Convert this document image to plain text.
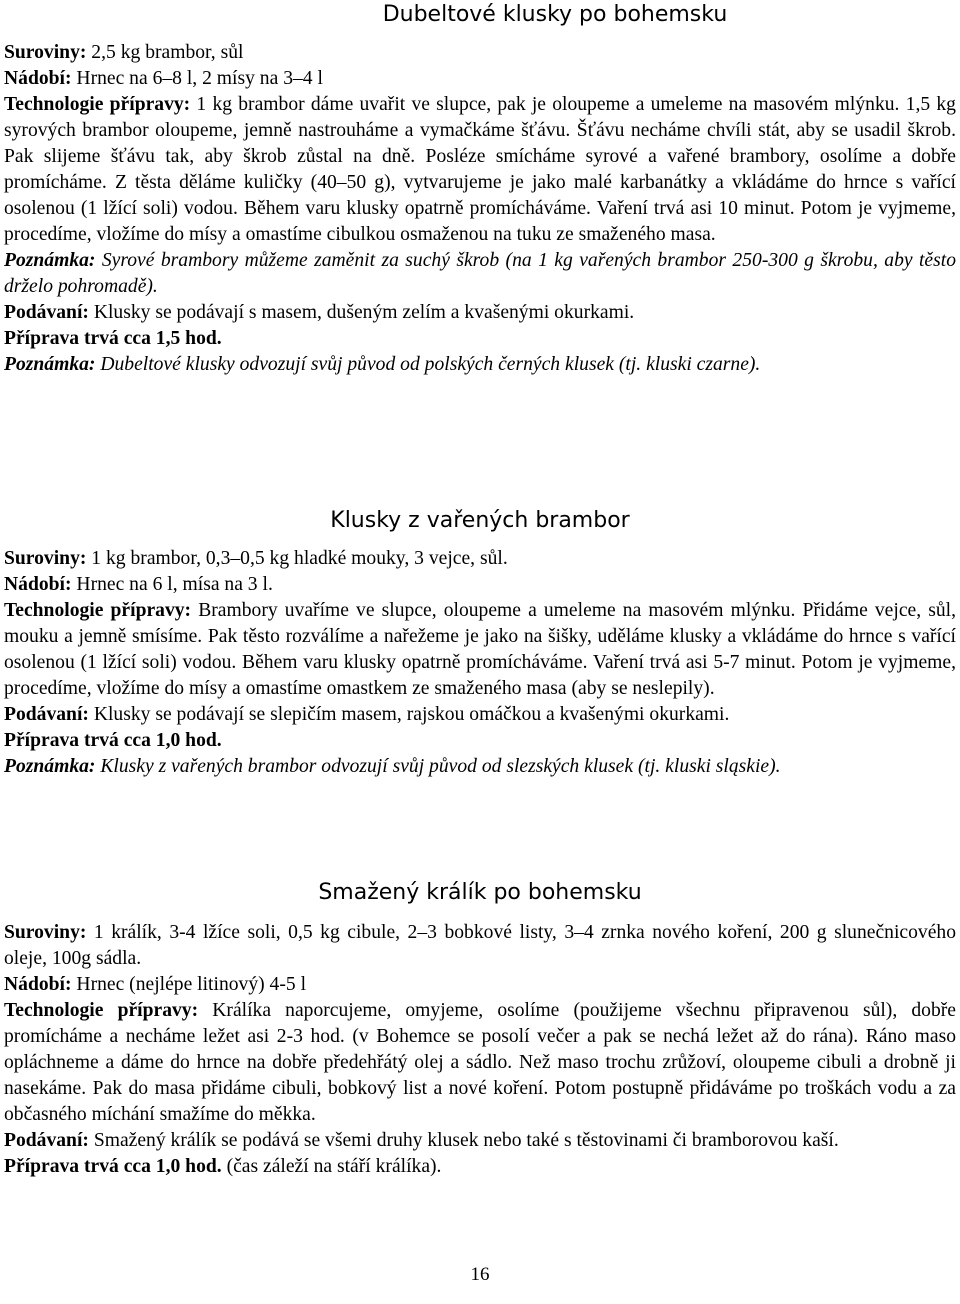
Dubeltové klusky po bohemsku

Suroviny: 2,5 kg brambor, sůl

Nádobí: Hrnec na 6–8 l, 2 mísy na 3–4 l

Technologie přípravy: 1 kg brambor dáme uvařit ve slupce, pak je oloupeme a umeleme na masovém mlýnku. 1,5 kg syrových brambor oloupeme, jemně nastrouháme a vymačkáme šťávu. Šťávu necháme chvíli stát, aby se usadil škrob. Pak slijeme šťávu tak, aby škrob zůstal na dně. Posléze smícháme syrové a vařené brambory, osolíme a dobře promícháme. Z těsta děláme kuličky (40–50 g), vytvarujeme je jako malé karbanátky a vkládáme do hrnce s vařící osolenou (1 lžící soli) vodou. Během varu klusky opatrně promícháváme. Vaření trvá asi 10 minut. Potom je vyjmeme, procedíme, vložíme do mísy a omastíme cibulkou osmaženou na tuku ze smaženého masa.

Poznámka: Syrové brambory můžeme zaměnit za suchý škrob (na 1 kg vařených brambor 250-300 g škrobu, aby těsto drželo pohromadě).

Podávaní: Klusky se podávají s masem, dušeným zelím a kvašenými okurkami.

Příprava trvá cca 1,5 hod.

Poznámka: Dubeltové klusky odvozují svůj původ od polských černých klusek (tj. kluski czarne).

Klusky z vařených brambor

Suroviny: 1 kg brambor, 0,3–0,5 kg hladké mouky, 3 vejce, sůl.

Nádobí: Hrnec na 6 l, mísa na 3 l.

Technologie přípravy: Brambory uvaříme ve slupce, oloupeme a umeleme na masovém mlýnku. Přidáme vejce, sůl, mouku a jemně smísíme. Pak těsto rozválíme a nařežeme je jako na šišky, uděláme klusky a vkládáme do hrnce s vařící osolenou (1 lžící soli) vodou. Během varu klusky opatrně promícháváme. Vaření trvá asi 5-7 minut. Potom je vyjmeme, procedíme, vložíme do mísy a omastíme omastkem ze smaženého masa (aby se neslepily).

Podávaní: Klusky se podávají se slepičím masem, rajskou omáčkou a kvašenými okurkami.

Příprava trvá cca 1,0 hod.

Poznámka: Klusky z vařených brambor odvozují svůj původ od slezských klusek (tj. kluski sląskie).

Smažený králík po bohemsku

Suroviny: 1 králík, 3-4 lžíce soli, 0,5 kg cibule, 2–3 bobkové listy, 3–4 zrnka nového koření, 200 g slunečnicového oleje, 100g sádla.

Nádobí: Hrnec (nejlépe litinový) 4-5 l

Technologie přípravy: Králíka naporcujeme, omyjeme, osolíme (použijeme všechnu připravenou sůl), dobře promícháme a necháme ležet asi 2-3 hod. (v Bohemce se posolí večer a pak se nechá ležet až do rána). Ráno maso opláchneme a dáme do hrnce na dobře předehřátý olej a sádlo. Než maso trochu zrůžoví, oloupeme cibuli a drobně ji nasekáme. Pak do masa přidáme cibuli, bobkový list a nové koření. Potom postupně přidáváme po troškách vodu a za občasného míchání smažíme do měkka.

Podávaní: Smažený králík se podává se všemi druhy klusek nebo také s těstovinami či bramborovou kaší.

Příprava trvá cca 1,0 hod. (čas záleží na stáří králíka).

16
